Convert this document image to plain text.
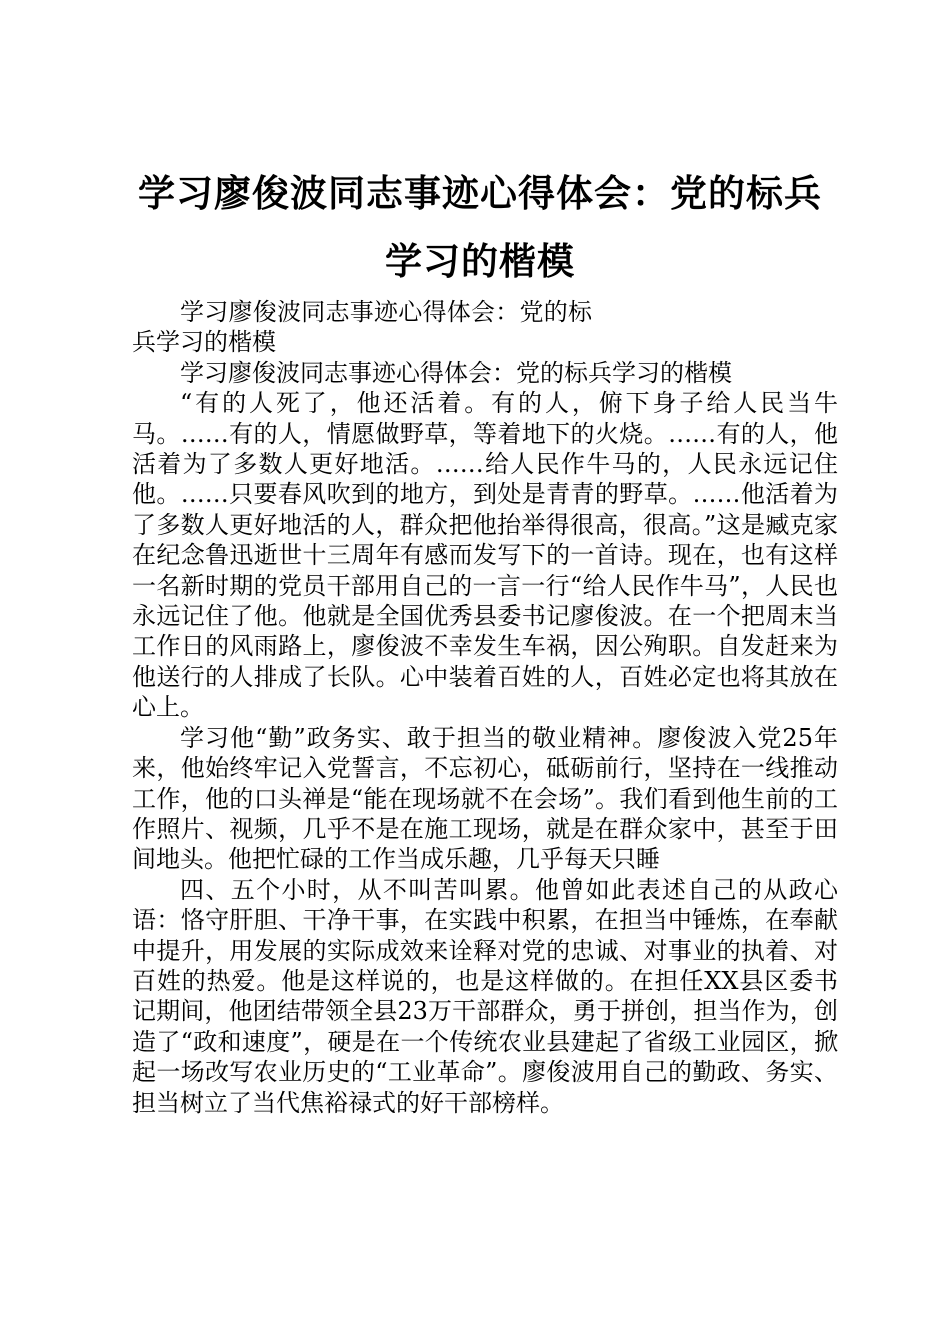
学习廖俊波同志事迹心得体会：党的标兵学习的楷模

学习廖俊波同志事迹心得体会：党的标兵学习的楷模

学习廖俊波同志事迹心得体会：党的标兵学习的楷模

“有的人死了，他还活着。有的人，俯下身子给人民当牛马。……有的人，情愿做野草，等着地下的火烧。……有的人，他活着为了多数人更好地活。……给人民作牛马的，人民永远记住他。……只要春风吹到的地方，到处是青青的野草。……他活着为了多数人更好地活的人，群众把他抬举得很高，很高。”这是臧克家在纪念鲁迅逝世十三周年有感而发写下的一首诗。现在，也有这样一名新时期的党员干部用自己的一言一行“给人民作牛马”，人民也永远记住了他。他就是全国优秀县委书记廖俊波。在一个把周末当工作日的风雨路上，廖俊波不幸发生车祸，因公殉职。自发赶来为他送行的人排成了长队。心中装着百姓的人，百姓必定也将其放在心上。

学习他“勤”政务实、敢于担当的敬业精神。廖俊波入党25年来，他始终牢记入党誓言，不忘初心，砥砺前行，坚持在一线推动工作，他的口头禅是“能在现场就不在会场”。我们看到他生前的工作照片、视频，几乎不是在施工现场，就是在群众家中，甚至于田间地头。他把忙碌的工作当成乐趣，几乎每天只睡

四、五个小时，从不叫苦叫累。他曾如此表述自己的从政心语：恪守肝胆、干净干事，在实践中积累，在担当中锤炼，在奉献中提升，用发展的实际成效来诠释对党的忠诚、对事业的执着、对百姓的热爱。他是这样说的，也是这样做的。在担任XX县区委书记期间，他团结带领全县23万干部群众，勇于拼创，担当作为，创造了“政和速度”，硬是在一个传统农业县建起了省级工业园区，掀起一场改写农业历史的“工业革命”。廖俊波用自己的勤政、务实、担当树立了当代焦裕禄式的好干部榜样。
